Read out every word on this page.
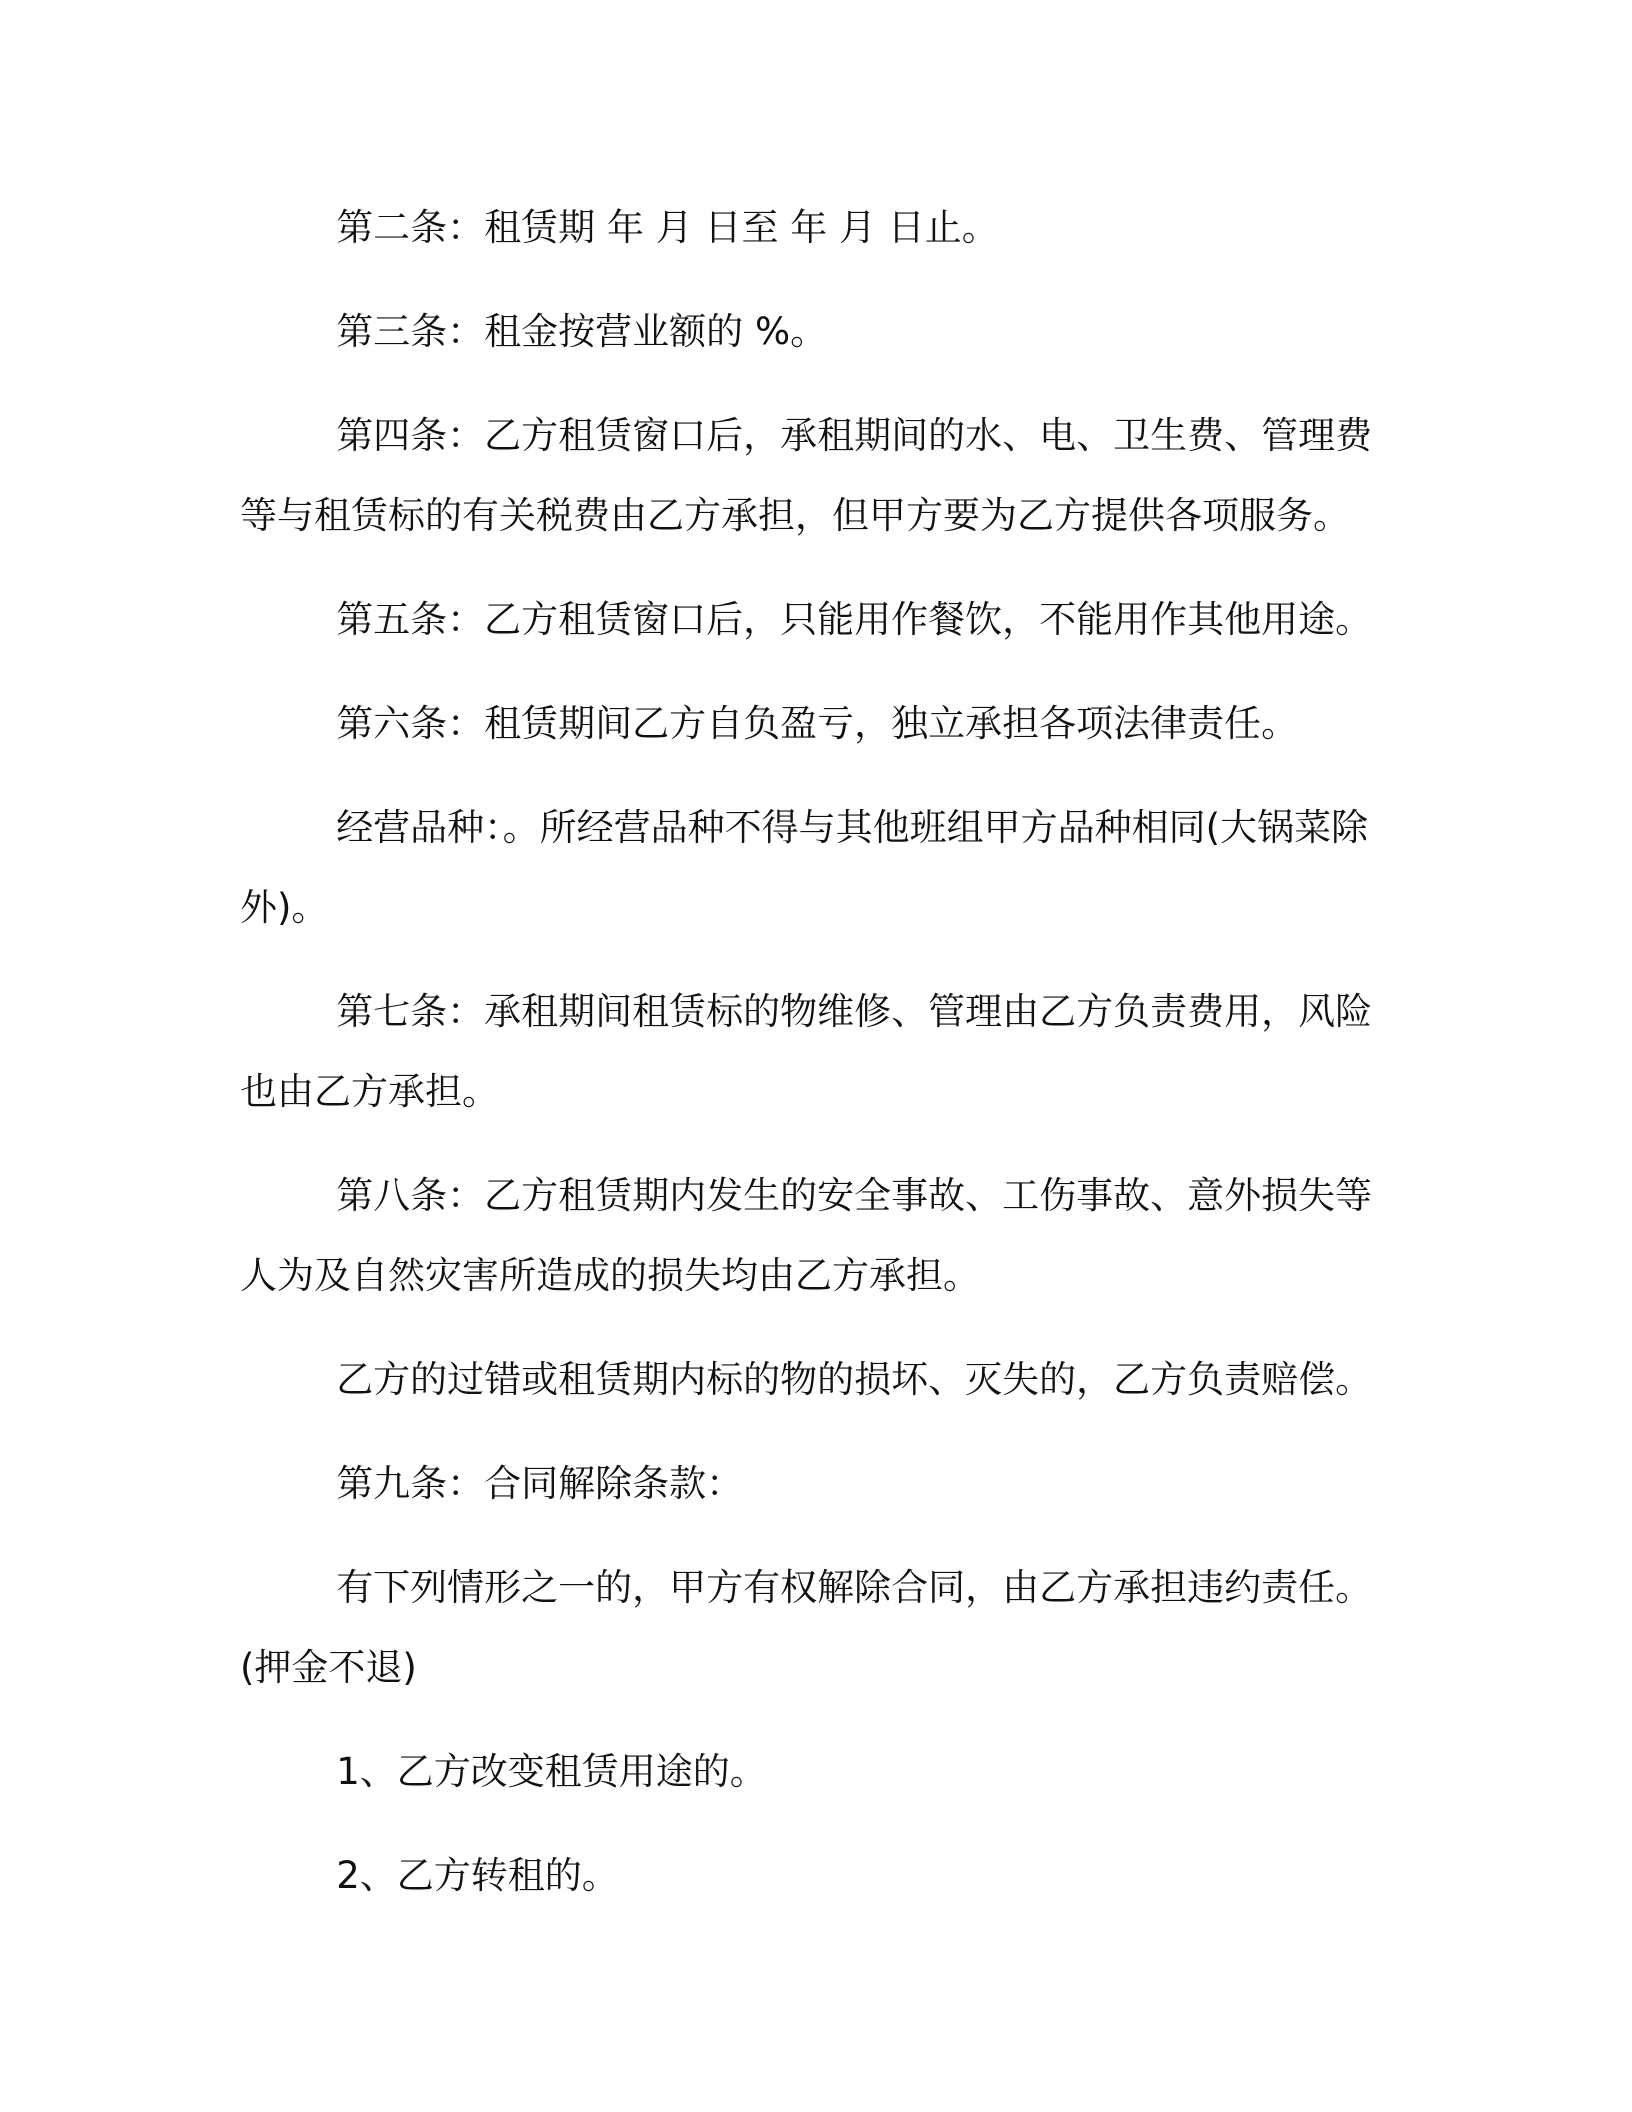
第二条：租赁期 年 月 日至 年 月 日止。

第三条：租金按营业额的 %。

第四条：乙方租赁窗口后，承租期间的水、电、卫生费、管理费等与租赁标的有关税费由乙方承担，但甲方要为乙方提供各项服务。

第五条：乙方租赁窗口后，只能用作餐饮，不能用作其他用途。

第六条：租赁期间乙方自负盈亏，独立承担各项法律责任。

经营品种：。所经营品种不得与其他班组甲方品种相同(大锅菜除外)。

第七条：承租期间租赁标的物维修、管理由乙方负责费用，风险也由乙方承担。

第八条：乙方租赁期内发生的安全事故、工伤事故、意外损失等人为及自然灾害所造成的损失均由乙方承担。

乙方的过错或租赁期内标的物的损坏、灭失的，乙方负责赔偿。

第九条：合同解除条款：

有下列情形之一的，甲方有权解除合同，由乙方承担违约责任。(押金不退)

1、乙方改变租赁用途的。

2、乙方转租的。
